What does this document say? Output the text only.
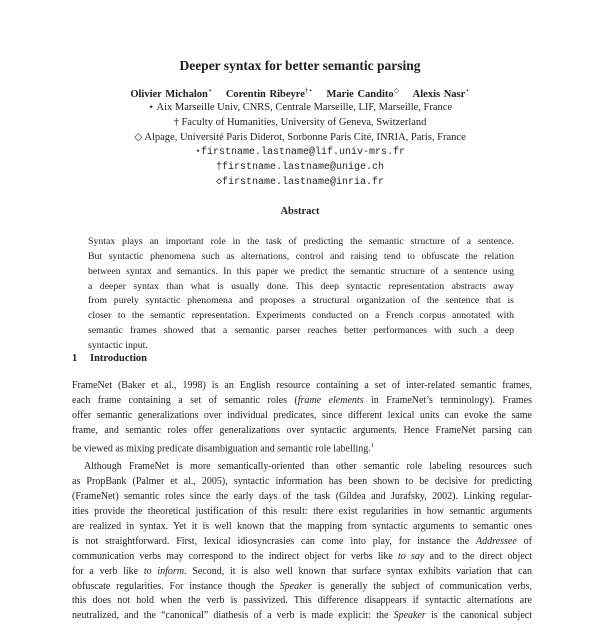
Deeper syntax for better semantic parsing
Olivier Michalon⋆ Corentin Ribeyre†⋆ Marie Candito◇ Alexis Nasr⋆
⋆ Aix Marseille Univ, CNRS, Centrale Marseille, LIF, Marseille, France
† Faculty of Humanities, University of Geneva, Switzerland
◇ Alpage, Université Paris Diderot, Sorbonne Paris Cité, INRIA, Paris, France
⋆firstname.lastname@lif.univ-mrs.fr
†firstname.lastname@unige.ch
◇firstname.lastname@inria.fr
Abstract
Syntax plays an important role in the task of predicting the semantic structure of a sentence.
But syntactic phenomena such as alternations, control and raising tend to obfuscate the relation
between syntax and semantics. In this paper we predict the semantic structure of a sentence using
a deeper syntax than what is usually done. This deep syntactic representation abstracts away
from purely syntactic phenomena and proposes a structural organization of the sentence that is
closer to the semantic representation. Experiments conducted on a French corpus annotated with
semantic frames showed that a semantic parser reaches better performances with such a deep
syntactic input.
1 Introduction
FrameNet (Baker et al., 1998) is an English resource containing a set of inter-related semantic frames,
each frame containing a set of semantic roles (frame elements in FrameNet’s terminology). Frames
offer semantic generalizations over individual predicates, since different lexical units can evoke the same
frame, and semantic roles offer generalizations over syntactic arguments. Hence FrameNet parsing can
be viewed as mixing predicate disambiguation and semantic role labelling.$^1$
Although FrameNet is more semantically-oriented than other semantic role labeling resources such
as PropBank (Palmer et al., 2005), syntactic information has been shown to be decisive for predicting
(FrameNet) semantic roles since the early days of the task (Gildea and Jurafsky, 2002). Linking regular-
ities provide the theoretical justification of this result: there exist regularities in how semantic arguments
are realized in syntax. Yet it is well known that the mapping from syntactic arguments to semantic ones
is not straightforward. First, lexical idiosyncrasies can come into play, for instance the Addressee of
communication verbs may correspond to the indirect object for verbs like to say and to the direct object
for a verb like to inform. Second, it is also well known that surface syntax exhibits variation that can
obfuscate regularities. For instance though the Speaker is generally the subject of communication verbs,
this does not hold when the verb is passivized. This difference disappears if syntactic alternations are
neutralized, and the “canonical” diathesis of a verb is made explicit: the Speaker is the canonical subject
